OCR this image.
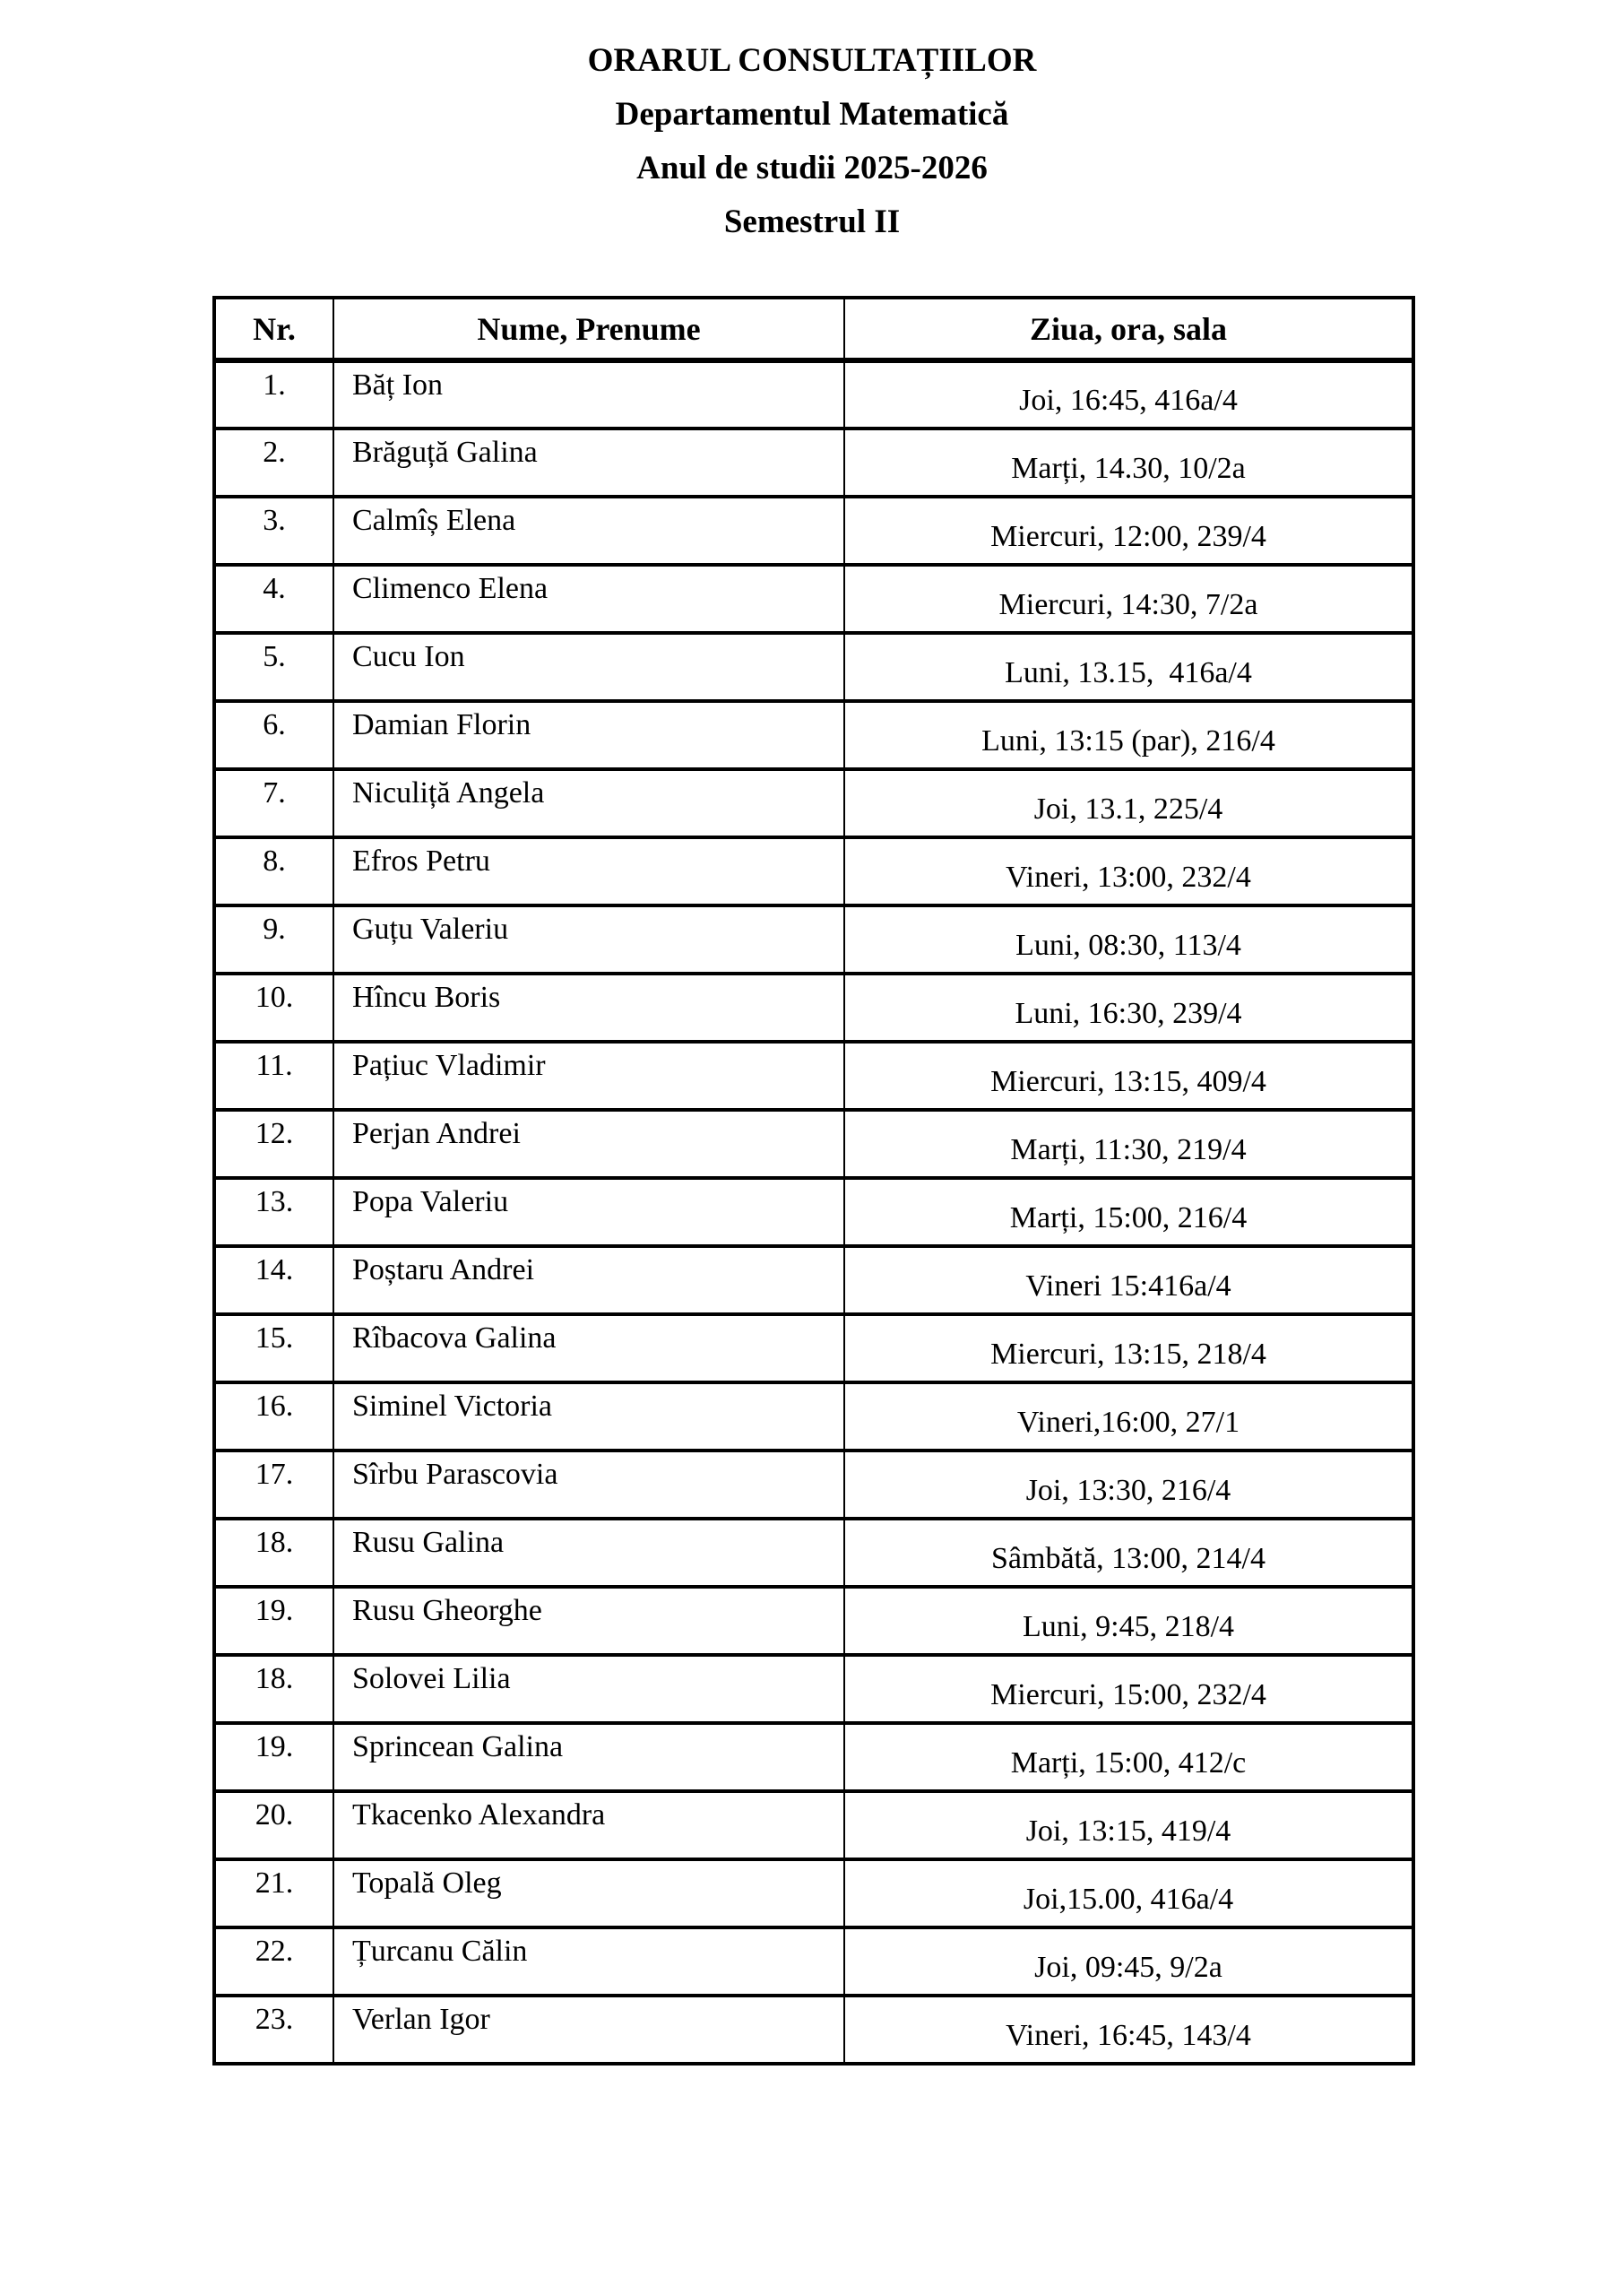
ORARUL CONSULTAȚIILOR
Departamentul Matematică
Anul de studii 2025-2026
Semestrul II
Nr.	Nume, Prenume	Ziua, ora, sala
1.	Băț Ion	Joi, 16:45, 416a/4
2.	Brăguță Galina	Marți, 14.30, 10/2a
3.	Calmîș Elena	Miercuri, 12:00, 239/4
4.	Climenco Elena	Miercuri, 14:30, 7/2a
5.	Cucu Ion	Luni, 13.15,  416a/4
6.	Damian Florin	Luni, 13:15 (par), 216/4
7.	Niculiță Angela	Joi, 13.1, 225/4
8.	Efros Petru	Vineri, 13:00, 232/4
9.	Guțu Valeriu	Luni, 08:30, 113/4
10.	Hîncu Boris	Luni, 16:30, 239/4
11.	Pațiuc Vladimir	Miercuri, 13:15, 409/4
12.	Perjan Andrei	Marți, 11:30, 219/4
13.	Popa Valeriu	Marți, 15:00, 216/4
14.	Poștaru Andrei	Vineri 15:416a/4
15.	Rîbacova Galina	Miercuri, 13:15, 218/4
16.	Siminel Victoria	Vineri,16:00, 27/1
17.	Sîrbu Parascovia	Joi, 13:30, 216/4
18.	Rusu Galina	Sâmbătă, 13:00, 214/4
19.	Rusu Gheorghe	Luni, 9:45, 218/4
18.	Solovei Lilia	Miercuri, 15:00, 232/4
19.	Sprincean Galina	Marți, 15:00, 412/c
20.	Tkacenko Alexandra	Joi, 13:15, 419/4
21.	Topală Oleg	Joi,15.00, 416a/4
22.	Țurcanu Călin	Joi, 09:45, 9/2a
23.	Verlan Igor	Vineri, 16:45, 143/4
